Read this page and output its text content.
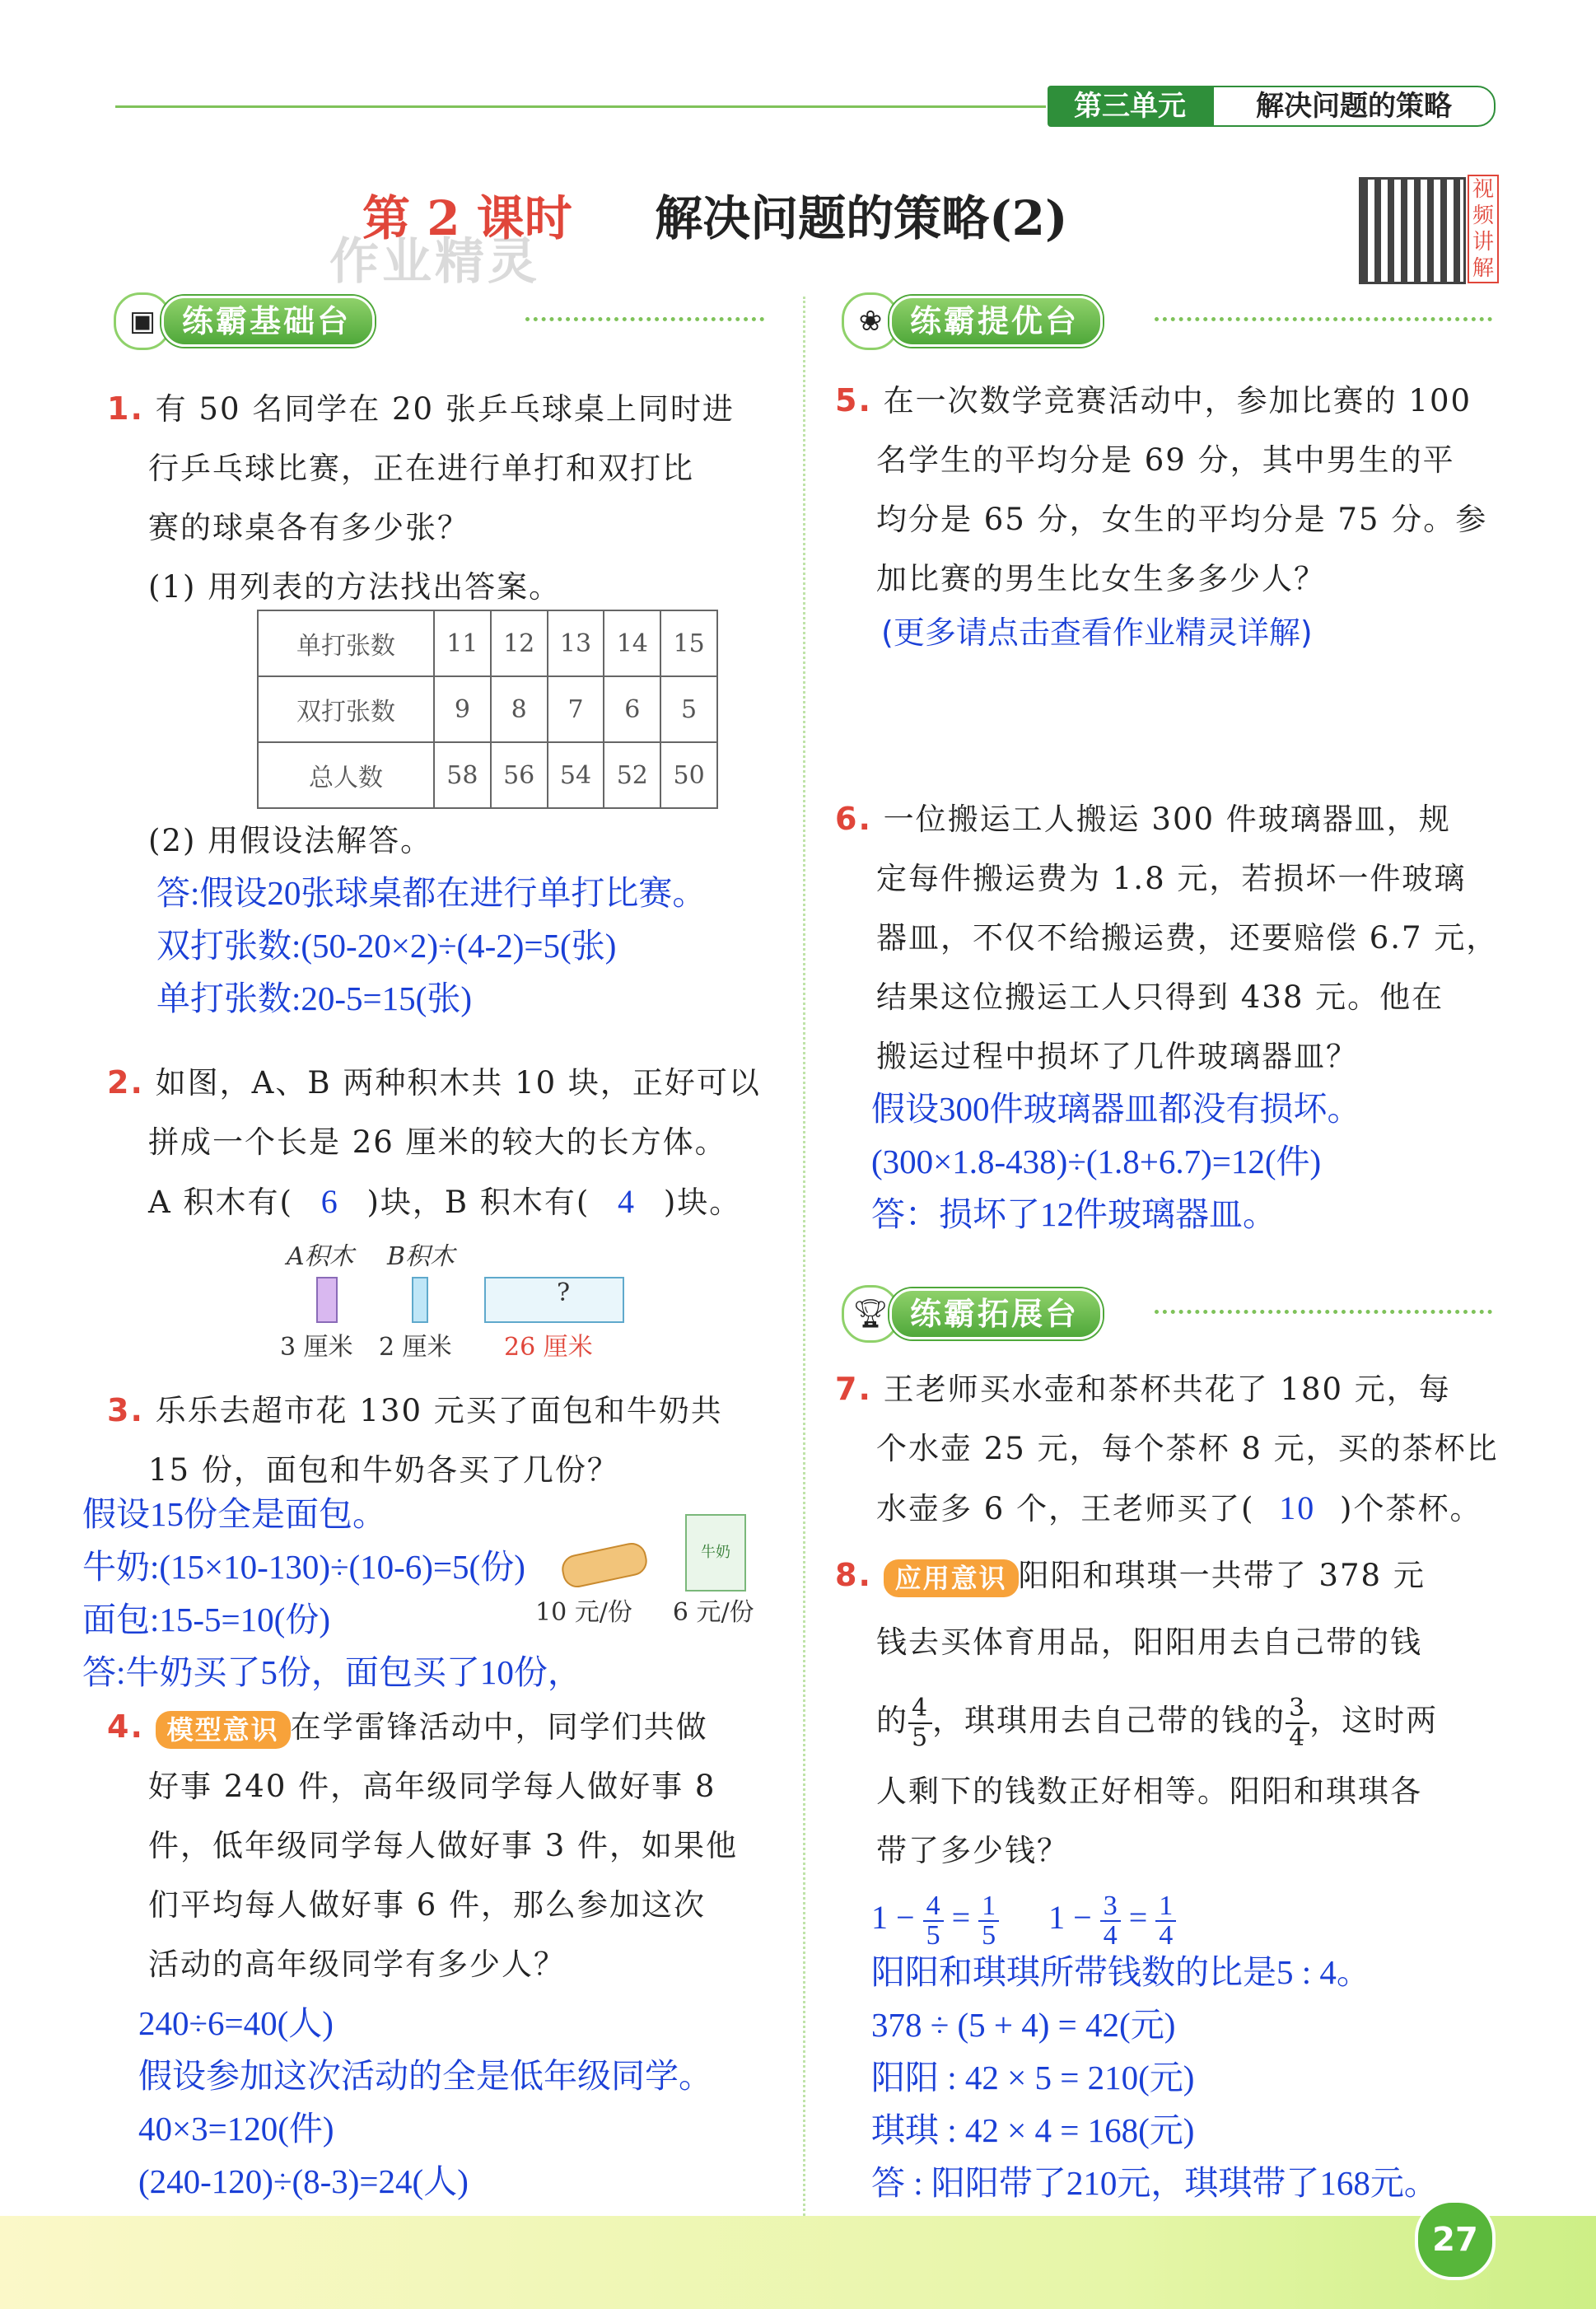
第三单元	解决问题的策略
第 2 课时 解决问题的策略(2)
作业精灵
视频讲解
▣ 练霸基础台
1. 有 50 名同学在 20 张乒乓球桌上同时进
行乒乓球比赛，正在进行单打和双打比
赛的球桌各有多少张？
(1) 用列表的方法找出答案。
单打张数	11	12	13	14	15
双打张数	9	8	7	6	5
总人数	58	56	54	52	50
(2) 用假设法解答。
答:假设20张球桌都在进行单打比赛。
双打张数:(50-20×2)÷(4-2)=5(张)
单打张数:20-5=15(张)
2. 如图，A、B 两种积木共 10 块，正好可以
拼成一个长是 26 厘米的较大的长方体。
A 积木有( 6 )块，B 积木有( 4 )块。
A积木 B积木
?
3 厘米 2 厘米 26 厘米
3. 乐乐去超市花 130 元买了面包和牛奶共
15 份，面包和牛奶各买了几份？
假设15份全是面包。
牛奶:(15×10-130)÷(10-6)=5(份)
面包:15-5=10(份)
答:牛奶买了5份，面包买了10份，
牛奶
10 元/份 6 元/份
4. 模型意识 在学雷锋活动中，同学们共做
好事 240 件，高年级同学每人做好事 8
件，低年级同学每人做好事 3 件，如果他
们平均每人做好事 6 件，那么参加这次
活动的高年级同学有多少人？
240÷6=40(人)
假设参加这次活动的全是低年级同学。
40×3=120(件)
(240-120)÷(8-3)=24(人)
❀ 练霸提优台
5. 在一次数学竞赛活动中，参加比赛的 100
名学生的平均分是 69 分，其中男生的平
均分是 65 分，女生的平均分是 75 分。参
加比赛的男生比女生多多少人？
(更多请点击查看作业精灵详解)
6. 一位搬运工人搬运 300 件玻璃器皿，规
定每件搬运费为 1.8 元，若损坏一件玻璃
器皿，不仅不给搬运费，还要赔偿 6.7 元，
结果这位搬运工人只得到 438 元。他在
搬运过程中损坏了几件玻璃器皿？
假设300件玻璃器皿都没有损坏。
(300×1.8-438)÷(1.8+6.7)=12(件)
答：损坏了12件玻璃器皿。
🏆︎ 练霸拓展台
7. 王老师买水壶和茶杯共花了 180 元，每
个水壶 25 元，每个茶杯 8 元，买的茶杯比
水壶多 6 个，王老师买了( 10 )个茶杯。
8. 应用意识 阳阳和琪琪一共带了 378 元
钱去买体育用品，阳阳用去自己带的钱
的 $\frac{4}{5}$ ，琪琪用去自己带的钱的 $\frac{3}{4}$ ，这时两
人剩下的钱数正好相等。阳阳和琪琪各
带了多少钱？
$1 - \frac{4}{5} = \frac{1}{5} 1 - \frac{3}{4} = \frac{1}{4}$
阳阳和琪琪所带钱数的比是5 : 4。
378 ÷ (5 + 4) = 42(元)
阳阳 : 42 × 5 = 210(元)
琪琪 : 42 × 4 = 168(元)
答 : 阳阳带了210元，琪琪带了168元。
27
